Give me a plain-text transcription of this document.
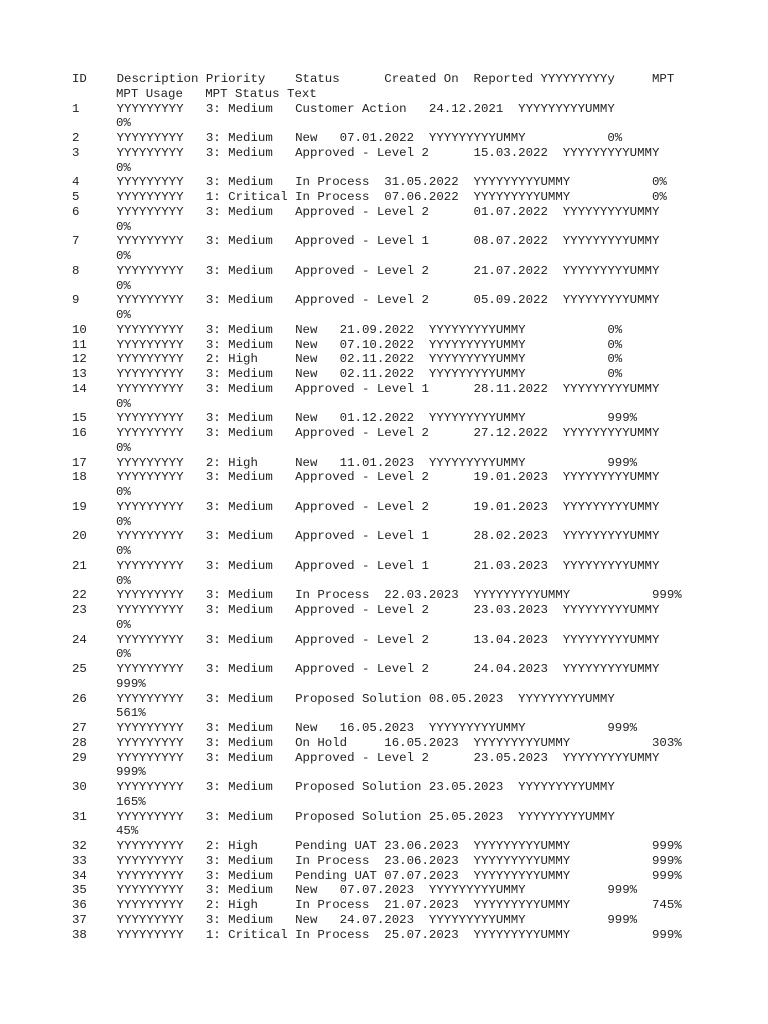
ID    Description Priority    Status      Created On  Reported YYYYYYYYYy     MPT
MPT Usage   MPT Status Text
1     YYYYYYYYY   3: Medium   Customer Action   24.12.2021  YYYYYYYYYUMMY
0%
2     YYYYYYYYY   3: Medium   New   07.01.2022  YYYYYYYYYUMMY           0%
3     YYYYYYYYY   3: Medium   Approved - Level 2      15.03.2022  YYYYYYYYYUMMY
0%
4     YYYYYYYYY   3: Medium   In Process  31.05.2022  YYYYYYYYYUMMY           0%
5     YYYYYYYYY   1: Critical In Process  07.06.2022  YYYYYYYYYUMMY           0%
6     YYYYYYYYY   3: Medium   Approved - Level 2      01.07.2022  YYYYYYYYYUMMY
0%
7     YYYYYYYYY   3: Medium   Approved - Level 1      08.07.2022  YYYYYYYYYUMMY
0%
8     YYYYYYYYY   3: Medium   Approved - Level 2      21.07.2022  YYYYYYYYYUMMY
0%
9     YYYYYYYYY   3: Medium   Approved - Level 2      05.09.2022  YYYYYYYYYUMMY
0%
10    YYYYYYYYY   3: Medium   New   21.09.2022  YYYYYYYYYUMMY           0%
11    YYYYYYYYY   3: Medium   New   07.10.2022  YYYYYYYYYUMMY           0%
12    YYYYYYYYY   2: High     New   02.11.2022  YYYYYYYYYUMMY           0%
13    YYYYYYYYY   3: Medium   New   02.11.2022  YYYYYYYYYUMMY           0%
14    YYYYYYYYY   3: Medium   Approved - Level 1      28.11.2022  YYYYYYYYYUMMY
0%
15    YYYYYYYYY   3: Medium   New   01.12.2022  YYYYYYYYYUMMY           999%
16    YYYYYYYYY   3: Medium   Approved - Level 2      27.12.2022  YYYYYYYYYUMMY
0%
17    YYYYYYYYY   2: High     New   11.01.2023  YYYYYYYYYUMMY           999%
18    YYYYYYYYY   3: Medium   Approved - Level 2      19.01.2023  YYYYYYYYYUMMY
0%
19    YYYYYYYYY   3: Medium   Approved - Level 2      19.01.2023  YYYYYYYYYUMMY
0%
20    YYYYYYYYY   3: Medium   Approved - Level 1      28.02.2023  YYYYYYYYYUMMY
0%
21    YYYYYYYYY   3: Medium   Approved - Level 1      21.03.2023  YYYYYYYYYUMMY
0%
22    YYYYYYYYY   3: Medium   In Process  22.03.2023  YYYYYYYYYUMMY           999%
23    YYYYYYYYY   3: Medium   Approved - Level 2      23.03.2023  YYYYYYYYYUMMY
0%
24    YYYYYYYYY   3: Medium   Approved - Level 2      13.04.2023  YYYYYYYYYUMMY
0%
25    YYYYYYYYY   3: Medium   Approved - Level 2      24.04.2023  YYYYYYYYYUMMY
999%
26    YYYYYYYYY   3: Medium   Proposed Solution 08.05.2023  YYYYYYYYYUMMY
561%
27    YYYYYYYYY   3: Medium   New   16.05.2023  YYYYYYYYYUMMY           999%
28    YYYYYYYYY   3: Medium   On Hold     16.05.2023  YYYYYYYYYUMMY           303%
29    YYYYYYYYY   3: Medium   Approved - Level 2      23.05.2023  YYYYYYYYYUMMY
999%
30    YYYYYYYYY   3: Medium   Proposed Solution 23.05.2023  YYYYYYYYYUMMY
165%
31    YYYYYYYYY   3: Medium   Proposed Solution 25.05.2023  YYYYYYYYYUMMY
45%
32    YYYYYYYYY   2: High     Pending UAT 23.06.2023  YYYYYYYYYUMMY           999%
33    YYYYYYYYY   3: Medium   In Process  23.06.2023  YYYYYYYYYUMMY           999%
34    YYYYYYYYY   3: Medium   Pending UAT 07.07.2023  YYYYYYYYYUMMY           999%
35    YYYYYYYYY   3: Medium   New   07.07.2023  YYYYYYYYYUMMY           999%
36    YYYYYYYYY   2: High     In Process  21.07.2023  YYYYYYYYYUMMY           745%
37    YYYYYYYYY   3: Medium   New   24.07.2023  YYYYYYYYYUMMY           999%
38    YYYYYYYYY   1: Critical In Process  25.07.2023  YYYYYYYYYUMMY           999%
